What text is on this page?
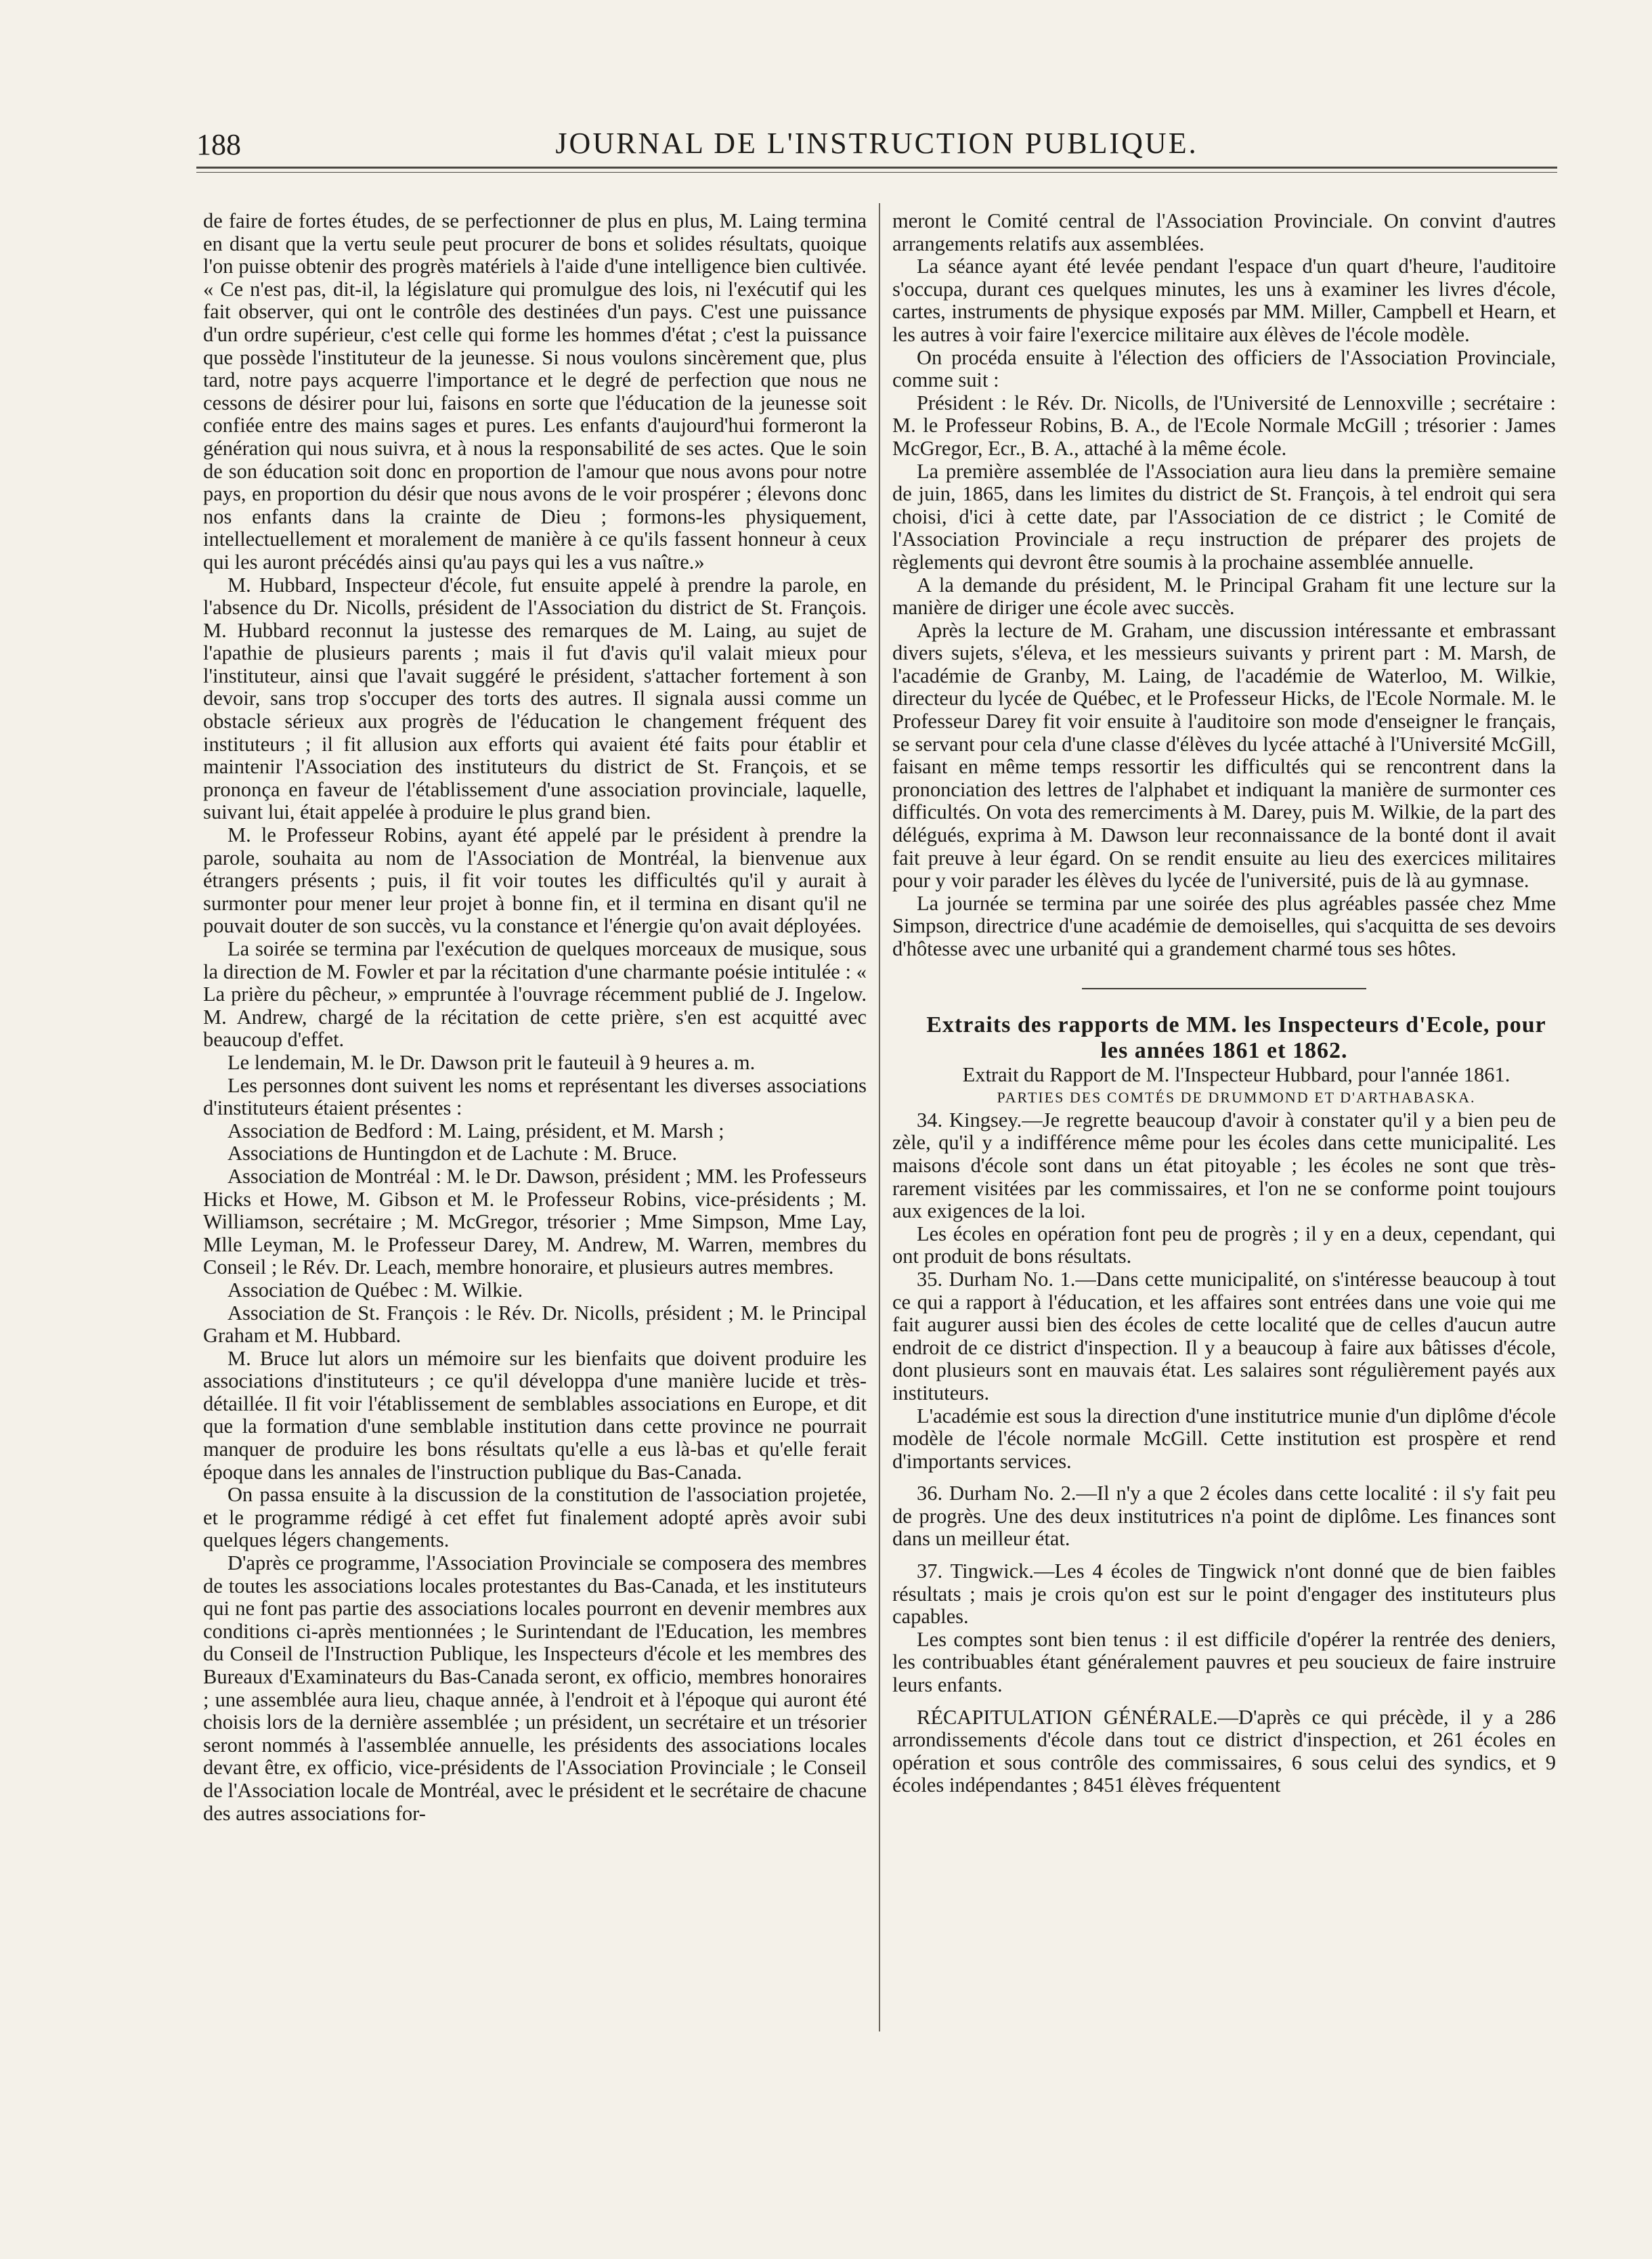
188	JOURNAL DE L'INSTRUCTION PUBLIQUE.

de faire de fortes études, de se perfectionner de plus en plus, M. Laing termina en disant que la vertu seule peut procurer de bons et solides résultats, quoique l'on puisse obtenir des progrès matériels à l'aide d'une intelligence bien cultivée. « Ce n'est pas, dit-il, la législature qui promulgue des lois, ni l'exécutif qui les fait observer, qui ont le contrôle des destinées d'un pays. C'est une puissance d'un ordre supérieur, c'est celle qui forme les hommes d'état ; c'est la puissance que possède l'instituteur de la jeunesse. Si nous voulons sincèrement que, plus tard, notre pays acquerre l'importance et le degré de perfection que nous ne cessons de désirer pour lui, faisons en sorte que l'éducation de la jeunesse soit confiée entre des mains sages et pures. Les enfants d'aujourd'hui formeront la génération qui nous suivra, et à nous la responsabilité de ses actes. Que le soin de son éducation soit donc en proportion de l'amour que nous avons pour notre pays, en proportion du désir que nous avons de le voir prospérer ; élevons donc nos enfants dans la crainte de Dieu ; formons-les physiquement, intellectuellement et moralement de manière à ce qu'ils fassent honneur à ceux qui les auront précédés ainsi qu'au pays qui les a vus naître.»

M. Hubbard, Inspecteur d'école, fut ensuite appelé à prendre la parole, en l'absence du Dr. Nicolls, président de l'Association du district de St. François. M. Hubbard reconnut la justesse des remarques de M. Laing, au sujet de l'apathie de plusieurs parents ; mais il fut d'avis qu'il valait mieux pour l'instituteur, ainsi que l'avait suggéré le président, s'attacher fortement à son devoir, sans trop s'occuper des torts des autres. Il signala aussi comme un obstacle sérieux aux progrès de l'éducation le changement fréquent des instituteurs ; il fit allusion aux efforts qui avaient été faits pour établir et maintenir l'Association des instituteurs du district de St. François, et se prononça en faveur de l'établissement d'une association provinciale, laquelle, suivant lui, était appelée à produire le plus grand bien.

M. le Professeur Robins, ayant été appelé par le président à prendre la parole, souhaita au nom de l'Association de Montréal, la bienvenue aux étrangers présents ; puis, il fit voir toutes les difficultés qu'il y aurait à surmonter pour mener leur projet à bonne fin, et il termina en disant qu'il ne pouvait douter de son succès, vu la constance et l'énergie qu'on avait déployées.

La soirée se termina par l'exécution de quelques morceaux de musique, sous la direction de M. Fowler et par la récitation d'une charmante poésie intitulée : « La prière du pêcheur, » empruntée à l'ouvrage récemment publié de J. Ingelow. M. Andrew, chargé de la récitation de cette prière, s'en est acquitté avec beaucoup d'effet.

Le lendemain, M. le Dr. Dawson prit le fauteuil à 9 heures a. m.

Les personnes dont suivent les noms et représentant les diverses associations d'instituteurs étaient présentes :

Association de Bedford : M. Laing, président, et M. Marsh ;

Associations de Huntingdon et de Lachute : M. Bruce.

Association de Montréal : M. le Dr. Dawson, président ; MM. les Professeurs Hicks et Howe, M. Gibson et M. le Professeur Robins, vice-présidents ; M. Williamson, secrétaire ; M. McGregor, trésorier ; Mme Simpson, Mme Lay, Mlle Leyman, M. le Professeur Darey, M. Andrew, M. Warren, membres du Conseil ; le Rév. Dr. Leach, membre honoraire, et plusieurs autres membres.

Association de Québec : M. Wilkie.

Association de St. François : le Rév. Dr. Nicolls, président ; M. le Principal Graham et M. Hubbard.

M. Bruce lut alors un mémoire sur les bienfaits que doivent produire les associations d'instituteurs ; ce qu'il développa d'une manière lucide et très-détaillée. Il fit voir l'établissement de semblables associations en Europe, et dit que la formation d'une semblable institution dans cette province ne pourrait manquer de produire les bons résultats qu'elle a eus là-bas et qu'elle ferait époque dans les annales de l'instruction publique du Bas-Canada.

On passa ensuite à la discussion de la constitution de l'association projetée, et le programme rédigé à cet effet fut finalement adopté après avoir subi quelques légers changements.

D'après ce programme, l'Association Provinciale se composera des membres de toutes les associations locales protestantes du Bas-Canada, et les instituteurs qui ne font pas partie des associations locales pourront en devenir membres aux conditions ci-après mentionnées ; le Surintendant de l'Education, les membres du Conseil de l'Instruction Publique, les Inspecteurs d'école et les membres des Bureaux d'Examinateurs du Bas-Canada seront, ex officio, membres honoraires ; une assemblée aura lieu, chaque année, à l'endroit et à l'époque qui auront été choisis lors de la dernière assemblée ; un président, un secrétaire et un trésorier seront nommés à l'assemblée annuelle, les présidents des associations locales devant être, ex officio, vice-présidents de l'Association Provinciale ; le Conseil de l'Association locale de Montréal, avec le président et le secrétaire de chacune des autres associations for-

meront le Comité central de l'Association Provinciale. On convint d'autres arrangements relatifs aux assemblées.

La séance ayant été levée pendant l'espace d'un quart d'heure, l'auditoire s'occupa, durant ces quelques minutes, les uns à examiner les livres d'école, cartes, instruments de physique exposés par MM. Miller, Campbell et Hearn, et les autres à voir faire l'exercice militaire aux élèves de l'école modèle.

On procéda ensuite à l'élection des officiers de l'Association Provinciale, comme suit :

Président : le Rév. Dr. Nicolls, de l'Université de Lennoxville ; secrétaire : M. le Professeur Robins, B. A., de l'Ecole Normale McGill ; trésorier : James McGregor, Ecr., B. A., attaché à la même école.

La première assemblée de l'Association aura lieu dans la première semaine de juin, 1865, dans les limites du district de St. François, à tel endroit qui sera choisi, d'ici à cette date, par l'Association de ce district ; le Comité de l'Association Provinciale a reçu instruction de préparer des projets de règlements qui devront être soumis à la prochaine assemblée annuelle.

A la demande du président, M. le Principal Graham fit une lecture sur la manière de diriger une école avec succès.

Après la lecture de M. Graham, une discussion intéressante et embrassant divers sujets, s'éleva, et les messieurs suivants y prirent part : M. Marsh, de l'académie de Granby, M. Laing, de l'académie de Waterloo, M. Wilkie, directeur du lycée de Québec, et le Professeur Hicks, de l'Ecole Normale. M. le Professeur Darey fit voir ensuite à l'auditoire son mode d'enseigner le français, se servant pour cela d'une classe d'élèves du lycée attaché à l'Université McGill, faisant en même temps ressortir les difficultés qui se rencontrent dans la prononciation des lettres de l'alphabet et indiquant la manière de surmonter ces difficultés. On vota des remerciments à M. Darey, puis M. Wilkie, de la part des délégués, exprima à M. Dawson leur reconnaissance de la bonté dont il avait fait preuve à leur égard. On se rendit ensuite au lieu des exercices militaires pour y voir parader les élèves du lycée de l'université, puis de là au gymnase.

La journée se termina par une soirée des plus agréables passée chez Mme Simpson, directrice d'une académie de demoiselles, qui s'acquitta de ses devoirs d'hôtesse avec une urbanité qui a grandement charmé tous ses hôtes.

Extraits des rapports de MM. les Inspecteurs d'Ecole, pour les années 1861 et 1862.

Extrait du Rapport de M. l'Inspecteur Hubbard, pour l'année 1861.

PARTIES DES COMTÉS DE DRUMMOND ET D'ARTHABASKA.

34. Kingsey.—Je regrette beaucoup d'avoir à constater qu'il y a bien peu de zèle, qu'il y a indifférence même pour les écoles dans cette municipalité. Les maisons d'école sont dans un état pitoyable ; les écoles ne sont que très-rarement visitées par les commissaires, et l'on ne se conforme point toujours aux exigences de la loi.

Les écoles en opération font peu de progrès ; il y en a deux, cependant, qui ont produit de bons résultats.

35. Durham No. 1.—Dans cette municipalité, on s'intéresse beaucoup à tout ce qui a rapport à l'éducation, et les affaires sont entrées dans une voie qui me fait augurer aussi bien des écoles de cette localité que de celles d'aucun autre endroit de ce district d'inspection. Il y a beaucoup à faire aux bâtisses d'école, dont plusieurs sont en mauvais état. Les salaires sont régulièrement payés aux instituteurs.

L'académie est sous la direction d'une institutrice munie d'un diplôme d'école modèle de l'école normale McGill. Cette institution est prospère et rend d'importants services.

36. Durham No. 2.—Il n'y a que 2 écoles dans cette localité : il s'y fait peu de progrès. Une des deux institutrices n'a point de diplôme. Les finances sont dans un meilleur état.

37. Tingwick.—Les 4 écoles de Tingwick n'ont donné que de bien faibles résultats ; mais je crois qu'on est sur le point d'engager des instituteurs plus capables.

Les comptes sont bien tenus : il est difficile d'opérer la rentrée des deniers, les contribuables étant généralement pauvres et peu soucieux de faire instruire leurs enfants.

RÉCAPITULATION GÉNÉRALE.—D'après ce qui précède, il y a 286 arrondissements d'école dans tout ce district d'inspection, et 261 écoles en opération et sous contrôle des commissaires, 6 sous celui des syndics, et 9 écoles indépendantes ; 8451 élèves fréquentent
